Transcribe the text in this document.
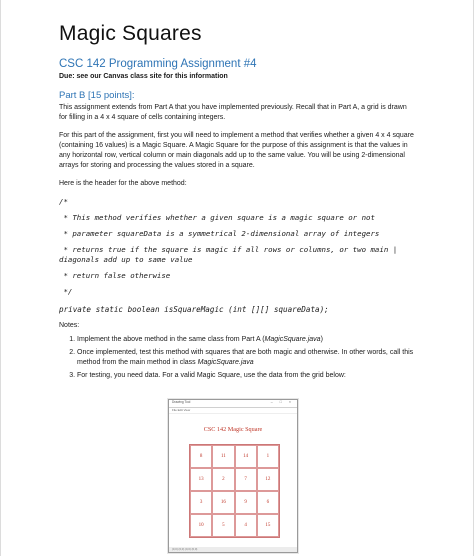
Magic Squares
CSC 142 Programming Assignment #4
Due: see our Canvas class site for this information
Part B [15 points]:

This assignment extends from Part A that you have implemented previously. Recall that in Part A, a grid is drawn for filling in a 4 x 4 square of cells containing integers.

For this part of the assignment, first you will need to implement a method that verifies whether a given 4 x 4 square (containing 16 values) is a Magic Square. A Magic Square for the purpose of this assignment is that the values in any horizontal row, vertical column or main diagonals add up to the same value. You will be using 2-dimensional arrays for storing and processing the values stored in a square.

Here is the header for the above method:

/*
* This method verifies whether a given square is a magic square or not
* parameter squareData is a symmetrical 2-dimensional array of integers
* returns true if the square is magic if all rows or columns, or two main | diagonals add up to same value
* return false otherwise
*/
private static boolean isSquareMagic (int [][] squareData);
Notes:
1. Implement the above method in the same class from Part A (MagicSquare.java)
2. Once implemented, test this method with squares that are both magic and otherwise. In other words, call this method from the main method in class MagicSquare.java
3. For testing, you need data. For a valid Magic Square, use the data from the grid below:
Drawing Tool	– □ ×
File Edit View
CSC 142 Magic Square
8	11	14	1
13	2	7	12
3	16	9	6
10	5	4	15
(0,0) (0,0) (0,0) (0,0)
